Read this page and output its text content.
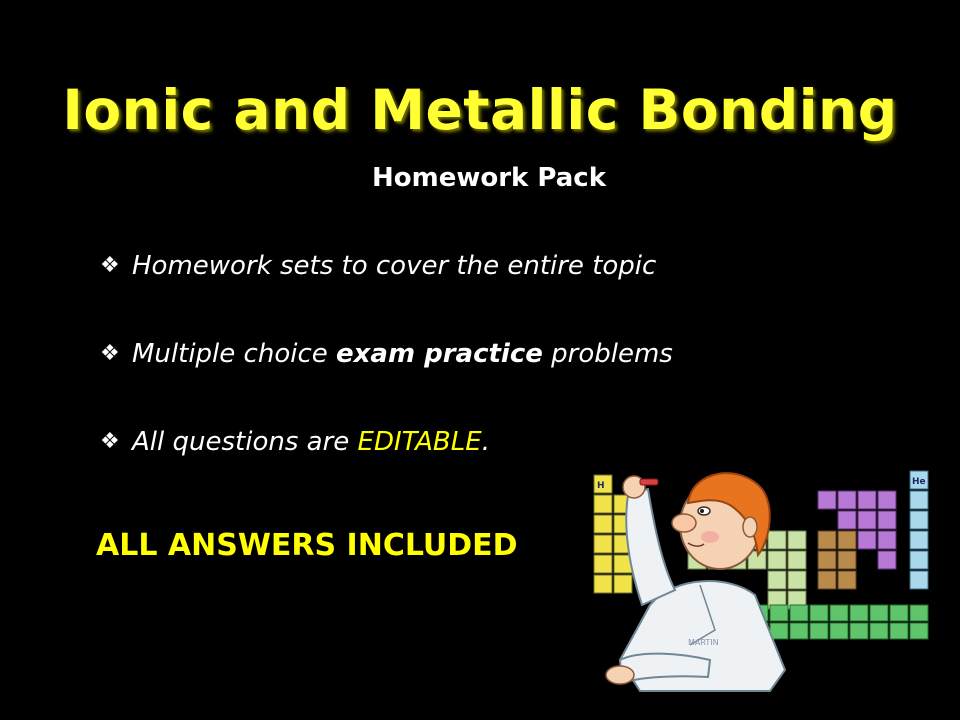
Ionic and Metallic Bonding
Homework Pack
❖ Homework sets to cover the entire topic
❖ Multiple choice exam practice problems
❖ All questions are EDITABLE.
ALL ANSWERS INCLUDED
H	He
MARTIN
